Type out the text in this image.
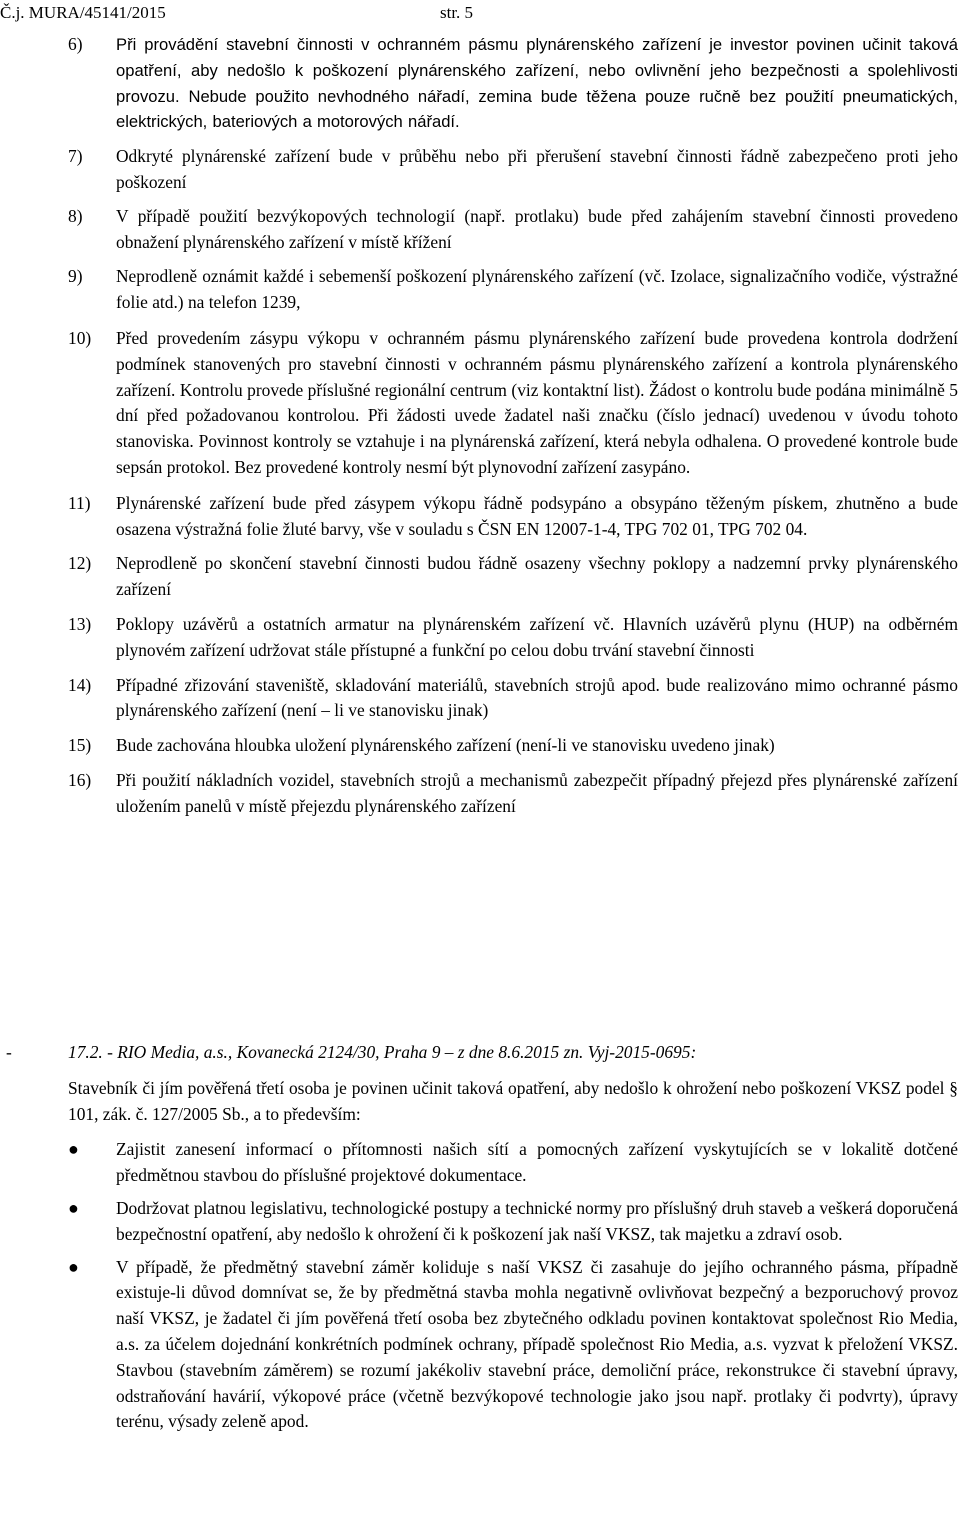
Č.j. MURA/45141/2015	str. 5
6)	Při provádění stavební činnosti v ochranném pásmu plynárenského zařízení je investor povinen učinit taková opatření, aby nedošlo k poškození plynárenského zařízení, nebo ovlivnění jeho bezpečnosti a spolehlivosti provozu. Nebude použito nevhodného nářadí, zemina bude těžena pouze ručně bez použití pneumatických, elektrických, bateriových a motorových nářadí.
7)	Odkryté plynárenské zařízení bude v průběhu nebo při přerušení stavební činnosti řádně zabezpečeno proti jeho poškození
8)	V případě použití bezvýkopových technologií (např. protlaku) bude před zahájením stavební činnosti provedeno obnažení plynárenského zařízení v místě křížení
9)	Neprodleně oznámit každé i sebemenší poškození plynárenského zařízení (vč. Izolace, signalizačního vodiče, výstražné folie atd.) na telefon 1239,
10)	Před provedením zásypu výkopu v ochranném pásmu plynárenského zařízení bude provedena kontrola dodržení podmínek stanovených pro stavební činnosti v ochranném pásmu plynárenského zařízení a kontrola plynárenského zařízení. Kontrolu provede příslušné regionální centrum (viz kontaktní list). Žádost o kontrolu bude podána minimálně 5 dní před požadovanou kontrolou. Při žádosti uvede žadatel naši značku (číslo jednací) uvedenou v úvodu tohoto stanoviska. Povinnost kontroly se vztahuje i na plynárenská zařízení, která nebyla odhalena. O provedené kontrole bude sepsán protokol. Bez provedené kontroly nesmí být plynovodní zařízení zasypáno.
11)	Plynárenské zařízení bude před zásypem výkopu řádně podsypáno a obsypáno těženým pískem, zhutněno a bude osazena výstražná folie žluté barvy, vše v souladu s ČSN EN 12007-1-4, TPG 702 01, TPG 702 04.
12)	Neprodleně po skončení stavební činnosti budou řádně osazeny všechny poklopy a nadzemní prvky plynárenského zařízení
13)	Poklopy uzávěrů a ostatních armatur na plynárenském zařízení vč. Hlavních uzávěrů plynu (HUP) na odběrném plynovém zařízení udržovat stále přístupné a funkční po celou dobu trvání stavební činnosti
14)	Případné zřizování staveniště, skladování materiálů, stavebních strojů apod. bude realizováno mimo ochranné pásmo plynárenského zařízení (není – li ve stanovisku jinak)
15)	Bude zachována hloubka uložení plynárenského zařízení (není-li ve stanovisku uvedeno jinak)
16)	Při použití nákladních vozidel, stavebních strojů a mechanismů zabezpečit případný přejezd přes plynárenské zařízení uložením panelů v místě přejezdu plynárenského zařízení
-	17.2. - RIO Media, a.s., Kovanecká 2124/30, Praha 9 – z dne 8.6.2015 zn. Vyj-2015-0695:
Stavebník či jím pověřená třetí osoba je povinen učinit taková opatření, aby nedošlo k ohrožení nebo poškození VKSZ podel § 101, zák. č. 127/2005 Sb., a to především:
●	Zajistit zanesení informací o přítomnosti našich sítí a pomocných zařízení vyskytujících se v lokalitě dotčené předmětnou stavbou do příslušné projektové dokumentace.
●	Dodržovat platnou legislativu, technologické postupy a technické normy pro příslušný druh staveb a veškerá doporučená bezpečnostní opatření, aby nedošlo k ohrožení či k poškození jak naší VKSZ, tak majetku a zdraví osob.
●	V případě, že předmětný stavební záměr koliduje s naší VKSZ či zasahuje do jejího ochranného pásma, případně existuje-li důvod domnívat se, že by předmětná stavba mohla negativně ovlivňovat bezpečný a bezporuchový provoz naší VKSZ, je žadatel či jím pověřená třetí osoba bez zbytečného odkladu povinen kontaktovat společnost Rio Media, a.s. za účelem dojednání konkrétních podmínek ochrany, případě společnost Rio Media, a.s. vyzvat k přeložení VKSZ. Stavbou (stavebním záměrem) se rozumí jakékoliv stavební práce, demoliční práce, rekonstrukce či stavební úpravy, odstraňování havárií, výkopové práce (včetně bezvýkopové technologie jako jsou např. protlaky či podvrty), úpravy terénu, výsady zeleně apod.
